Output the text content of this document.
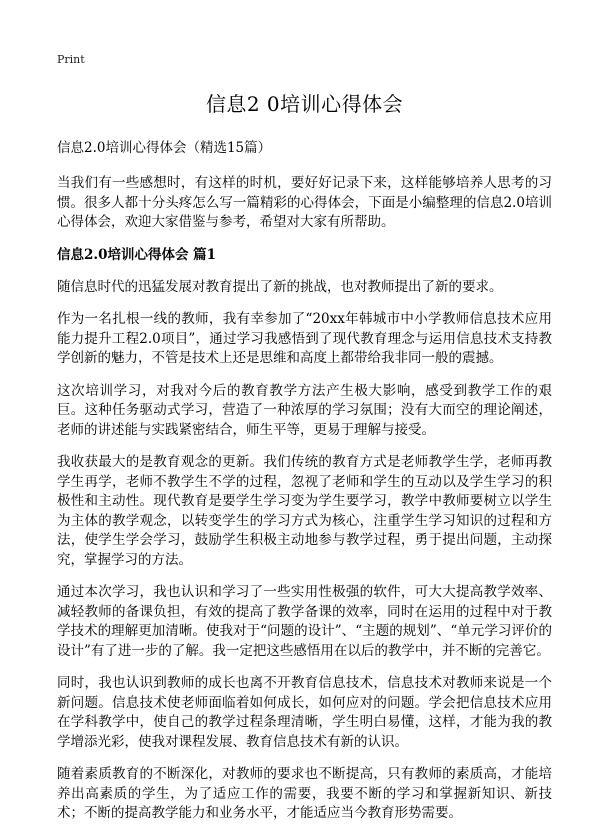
Print
信息2 0培训心得体会
信息2.0培训心得体会（精选15篇）

当我们有一些感想时，有这样的时机，要好好记录下来，这样能够培养人思考的习惯。很多人都十分头疼怎么写一篇精彩的心得体会，下面是小编整理的信息2.0培训心得体会，欢迎大家借鉴与参考，希望对大家有所帮助。

信息2.0培训心得体会 篇1

随信息时代的迅猛发展对教育提出了新的挑战，也对教师提出了新的要求。

作为一名扎根一线的教师，我有幸参加了“20xx年韩城市中小学教师信息技术应用能力提升工程2.0项目”，通过学习我感悟到了现代教育理念与运用信息技术支持教学创新的魅力，不管是技术上还是思维和高度上都带给我非同一般的震撼。

这次培训学习，对我对今后的教育教学方法产生极大影响，感受到教学工作的艰巨。这种任务驱动式学习，营造了一种浓厚的学习氛围；没有大而空的理论阐述，老师的讲述能与实践紧密结合，师生平等，更易于理解与接受。

我收获最大的是教育观念的更新。我们传统的教育方式是老师教学生学，老师再教学生再学，老师不教学生不学的过程，忽视了老师和学生的互动以及学生学习的积极性和主动性。现代教育是要学生学习变为学生要学习，教学中教师要树立以学生为主体的教学观念，以转变学生的学习方式为核心，注重学生学习知识的过程和方法，使学生学会学习，鼓励学生积极主动地参与教学过程，勇于提出问题，主动探究，掌握学习的方法。

通过本次学习，我也认识和学习了一些实用性极强的软件，可大大提高教学效率、减轻教师的备课负担，有效的提高了教学备课的效率，同时在运用的过程中对于教学技术的理解更加清晰。使我对于“问题的设计”、“主题的规划”、“单元学习评价的设计”有了进一步的了解。我一定把这些感悟用在以后的教学中，并不断的完善它。

同时，我也认识到教师的成长也离不开教育信息技术，信息技术对教师来说是一个新问题。信息技术使老师面临着如何成长，如何应对的问题。学会把信息技术应用在学科教学中，使自己的教学过程条理清晰，学生明白易懂，这样，才能为我的教学增添光彩，使我对课程发展、教育信息技术有新的认识。

随着素质教育的不断深化，对教师的要求也不断提高，只有教师的素质高，才能培养出高素质的学生，为了适应工作的需要，我要不断的学习和掌握新知识、新技术；不断的提高教学能力和业务水平，才能适应当今教育形势需要。
